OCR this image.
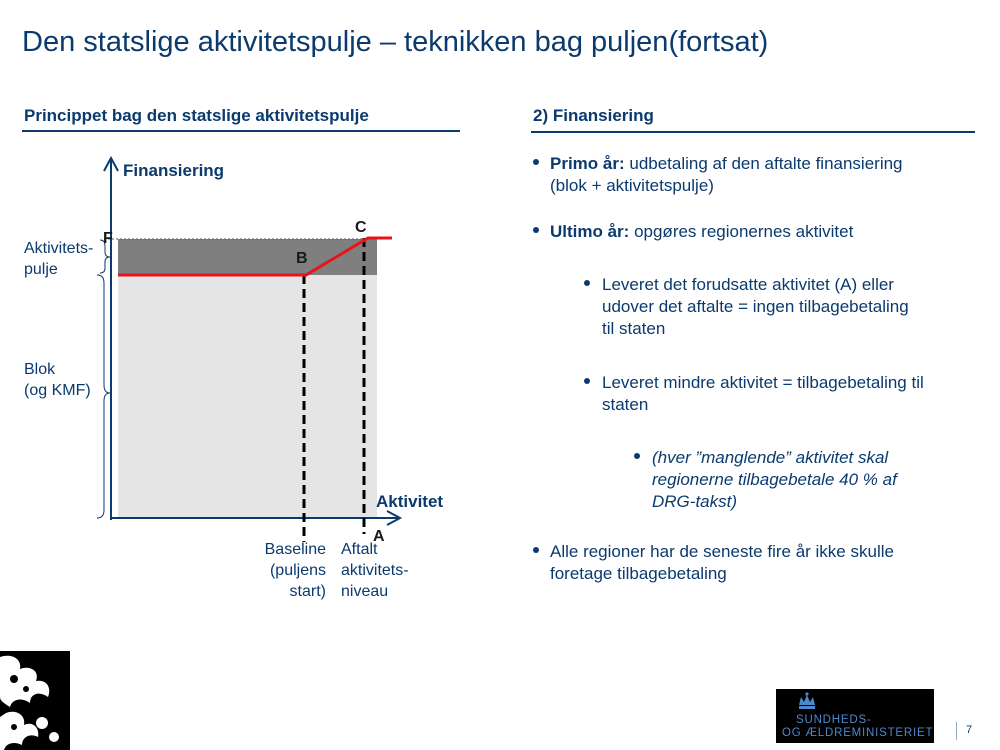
Den statslige aktivitetspulje – teknikken bag puljen(fortsat)
Princippet bag den statslige aktivitetspulje	2) Finansiering
Finansiering
Aktivitet
F
C
B
A
Aktivitets-
pulje
Blok
(og KMF)
Baseline
(puljens
start)
Aftalt
aktivitets-
niveau
Primo år: udbetaling af den aftalte finansiering
(blok + aktivitetspulje)
Ultimo år: opgøres regionernes aktivitet
Leveret det forudsatte aktivitet (A) eller
udover det aftalte = ingen tilbagebetaling
til staten
Leveret mindre aktivitet = tilbagebetaling til
staten
(hver ”manglende” aktivitet skal
regionerne tilbagebetale 40 % af
DRG-takst)
Alle regioner har de seneste fire år ikke skulle
foretage tilbagebetaling
SUNDHEDS-
OG ÆLDREMINISTERIET	7
